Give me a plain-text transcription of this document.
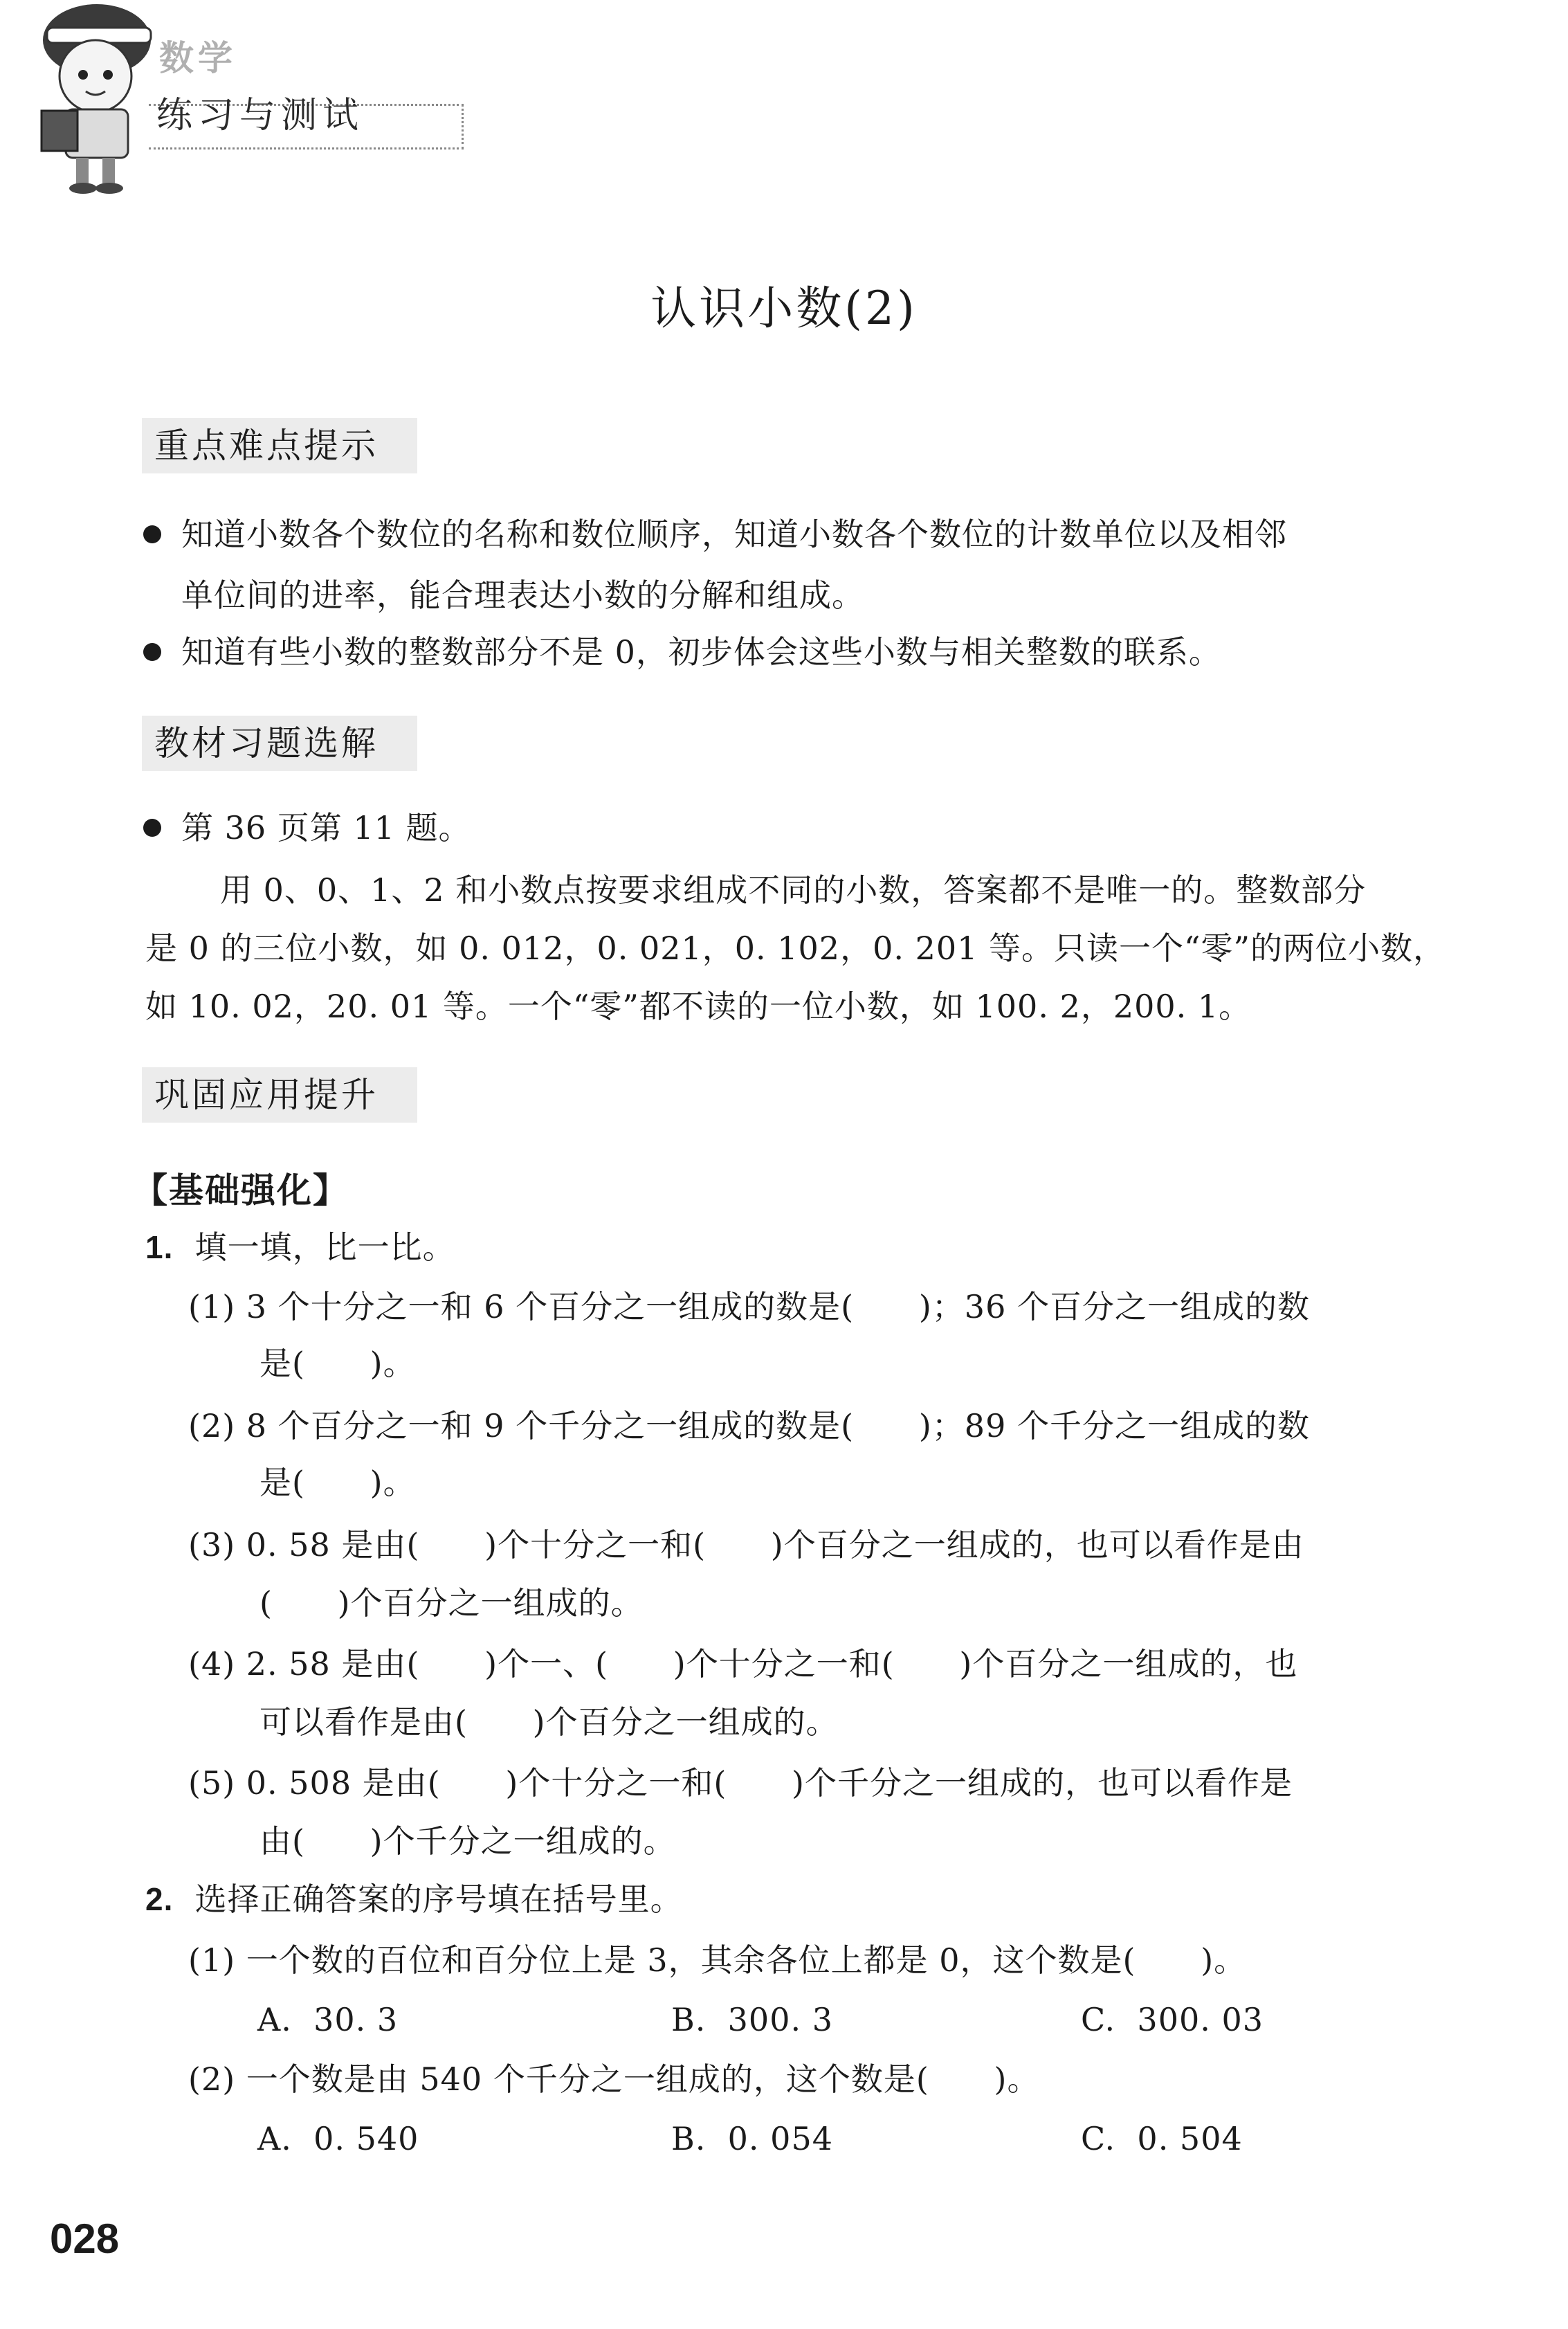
数学
练习与测试
认识小数(2)
重点难点提示
知道小数各个数位的名称和数位顺序，知道小数各个数位的计数单位以及相邻
单位间的进率，能合理表达小数的分解和组成。
知道有些小数的整数部分不是 0，初步体会这些小数与相关整数的联系。
教材习题选解
第 36 页第 11 题。
用 0、0、1、2 和小数点按要求组成不同的小数，答案都不是唯一的。整数部分
是 0 的三位小数，如 0. 012，0. 021，0. 102，0. 201 等。只读一个“零”的两位小数，
如 10. 02，20. 01 等。一个“零”都不读的一位小数，如 100. 2，200. 1。
巩固应用提升
【基础强化】
1. 填一填，比一比。
(1) 3 个十分之一和 6 个百分之一组成的数是(      )；36 个百分之一组成的数
是(      )。
(2) 8 个百分之一和 9 个千分之一组成的数是(      )；89 个千分之一组成的数
是(      )。
(3) 0. 58 是由(      )个十分之一和(      )个百分之一组成的，也可以看作是由
(      )个百分之一组成的。
(4) 2. 58 是由(      )个一、(      )个十分之一和(      )个百分之一组成的，也
可以看作是由(      )个百分之一组成的。
(5) 0. 508 是由(      )个十分之一和(      )个千分之一组成的，也可以看作是
由(      )个千分之一组成的。
2. 选择正确答案的序号填在括号里。
(1) 一个数的百位和百分位上是 3，其余各位上都是 0，这个数是(      )。
A.  30. 3	B.  300. 3	C.  300. 03
(2) 一个数是由 540 个千分之一组成的，这个数是(      )。
A.  0. 540	B.  0. 054	C.  0. 504
028
